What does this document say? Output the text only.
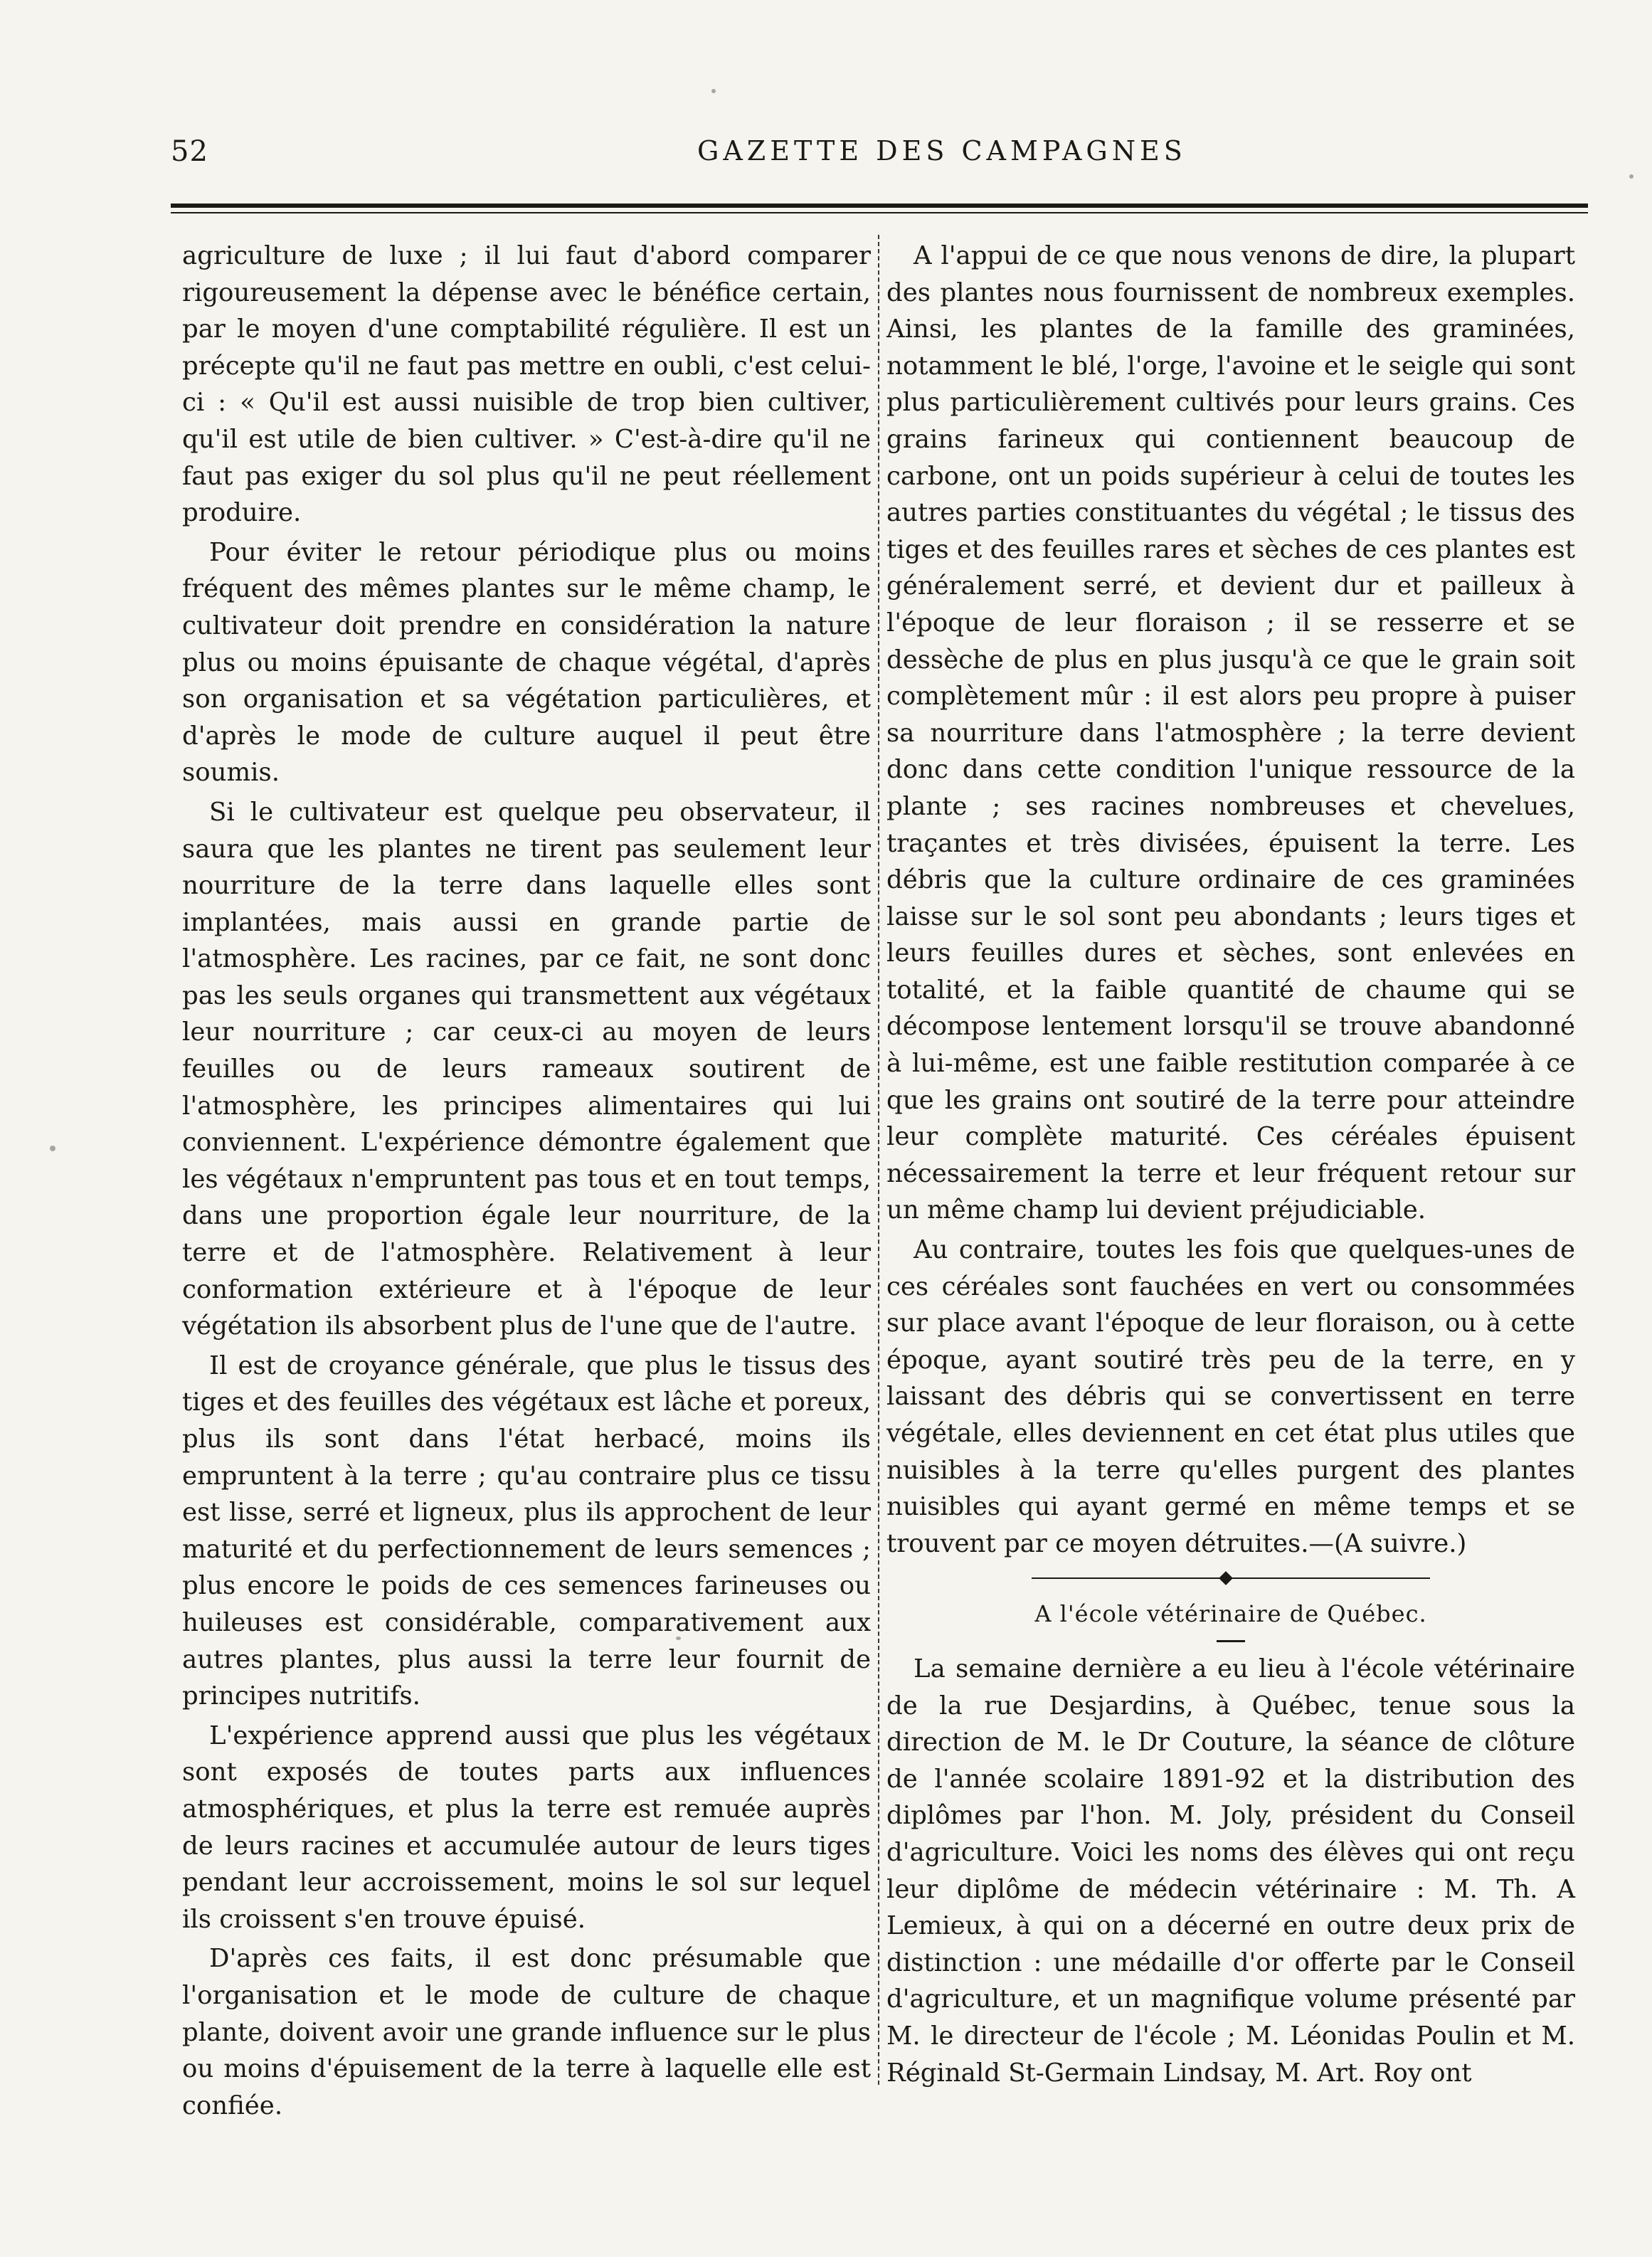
52	GAZETTE DES CAMPAGNES

agriculture de luxe ; il lui faut d'abord comparer rigoureusement la dépense avec le bénéfice certain, par le moyen d'une comptabilité régulière. Il est un précepte qu'il ne faut pas mettre en oubli, c'est celui-ci : « Qu'il est aussi nuisible de trop bien cultiver, qu'il est utile de bien cultiver. » C'est-à-dire qu'il ne faut pas exiger du sol plus qu'il ne peut réellement produire.

Pour éviter le retour périodique plus ou moins fréquent des mêmes plantes sur le même champ, le cultivateur doit prendre en considération la nature plus ou moins épuisante de chaque végétal, d'après son organisation et sa végétation particulières, et d'après le mode de culture auquel il peut être soumis.

Si le cultivateur est quelque peu observateur, il saura que les plantes ne tirent pas seulement leur nourriture de la terre dans laquelle elles sont implantées, mais aussi en grande partie de l'atmosphère. Les racines, par ce fait, ne sont donc pas les seuls organes qui transmettent aux végétaux leur nourriture ; car ceux-ci au moyen de leurs feuilles ou de leurs rameaux soutirent de l'atmosphère, les principes alimentaires qui lui conviennent. L'expérience démontre également que les végétaux n'empruntent pas tous et en tout temps, dans une proportion égale leur nourriture, de la terre et de l'atmosphère. Relativement à leur conformation extérieure et à l'époque de leur végétation ils absorbent plus de l'une que de l'autre.

Il est de croyance générale, que plus le tissus des tiges et des feuilles des végétaux est lâche et poreux, plus ils sont dans l'état herbacé, moins ils empruntent à la terre ; qu'au contraire plus ce tissu est lisse, serré et ligneux, plus ils approchent de leur maturité et du perfectionnement de leurs semences ; plus encore le poids de ces semences farineuses ou huileuses est considérable, comparativement aux autres plantes, plus aussi la terre leur fournit de principes nutritifs.

L'expérience apprend aussi que plus les végétaux sont exposés de toutes parts aux influences atmosphériques, et plus la terre est remuée auprès de leurs racines et accumulée autour de leurs tiges pendant leur accroissement, moins le sol sur lequel ils croissent s'en trouve épuisé.

D'après ces faits, il est donc présumable que l'organisation et le mode de culture de chaque plante, doivent avoir une grande influence sur le plus ou moins d'épuisement de la terre à laquelle elle est confiée.

A l'appui de ce que nous venons de dire, la plupart des plantes nous fournissent de nombreux exemples. Ainsi, les plantes de la famille des graminées, notamment le blé, l'orge, l'avoine et le seigle qui sont plus particulièrement cultivés pour leurs grains. Ces grains farineux qui contiennent beaucoup de carbone, ont un poids supérieur à celui de toutes les autres parties constituantes du végétal ; le tissus des tiges et des feuilles rares et sèches de ces plantes est généralement serré, et devient dur et pailleux à l'époque de leur floraison ; il se resserre et se dessèche de plus en plus jusqu'à ce que le grain soit complètement mûr : il est alors peu propre à puiser sa nourriture dans l'atmosphère ; la terre devient donc dans cette condition l'unique ressource de la plante ; ses racines nombreuses et chevelues, traçantes et très divisées, épuisent la terre. Les débris que la culture ordinaire de ces graminées laisse sur le sol sont peu abondants ; leurs tiges et leurs feuilles dures et sèches, sont enlevées en totalité, et la faible quantité de chaume qui se décompose lentement lorsqu'il se trouve abandonné à lui-même, est une faible restitution comparée à ce que les grains ont soutiré de la terre pour atteindre leur complète maturité. Ces céréales épuisent nécessairement la terre et leur fréquent retour sur un même champ lui devient préjudiciable.

Au contraire, toutes les fois que quelques-unes de ces céréales sont fauchées en vert ou consommées sur place avant l'époque de leur floraison, ou à cette époque, ayant soutiré très peu de la terre, en y laissant des débris qui se convertissent en terre végétale, elles deviennent en cet état plus utiles que nuisibles à la terre qu'elles purgent des plantes nuisibles qui ayant germé en même temps et se trouvent par ce moyen détruites.—(A suivre.)

A l'école vétérinaire de Québec.

La semaine dernière a eu lieu à l'école vétérinaire de la rue Desjardins, à Québec, tenue sous la direction de M. le Dr Couture, la séance de clôture de l'année scolaire 1891-92 et la distribution des diplômes par l'hon. M. Joly, président du Conseil d'agriculture. Voici les noms des élèves qui ont reçu leur diplôme de médecin vétérinaire : M. Th. A Lemieux, à qui on a décerné en outre deux prix de distinction : une médaille d'or offerte par le Conseil d'agriculture, et un magnifique volume présenté par M. le directeur de l'école ; M. Léonidas Poulin et M. Réginald St-Germain Lindsay, M. Art. Roy ont
